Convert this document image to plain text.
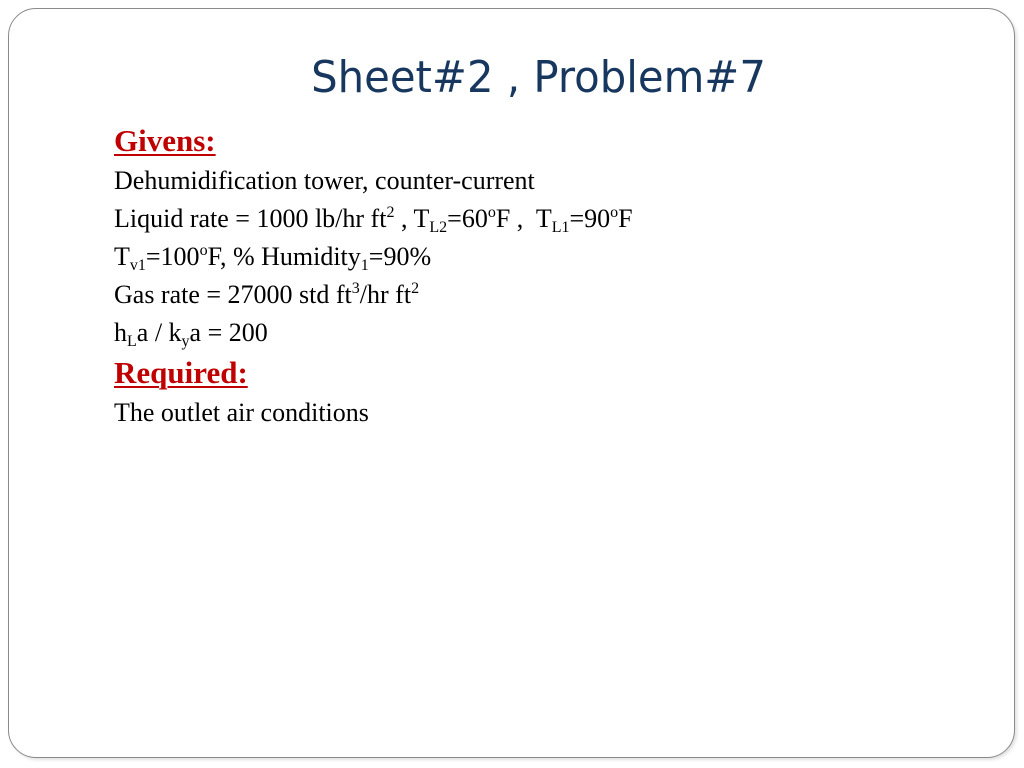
Sheet#2 , Problem#7
Givens:
Dehumidification tower, counter-current
Liquid rate = 1000 lb/hr $ft^2$ , $T_{L2}=60^oF$ ,  $T_{L1}=90^oF$
$T_{v1}=100^oF$, % Humidity$_1$=90%
Gas rate = 27000 std $ft^3/hr$ $ft^2$
$h_La / k_ya = 200$
Required:
The outlet air conditions
